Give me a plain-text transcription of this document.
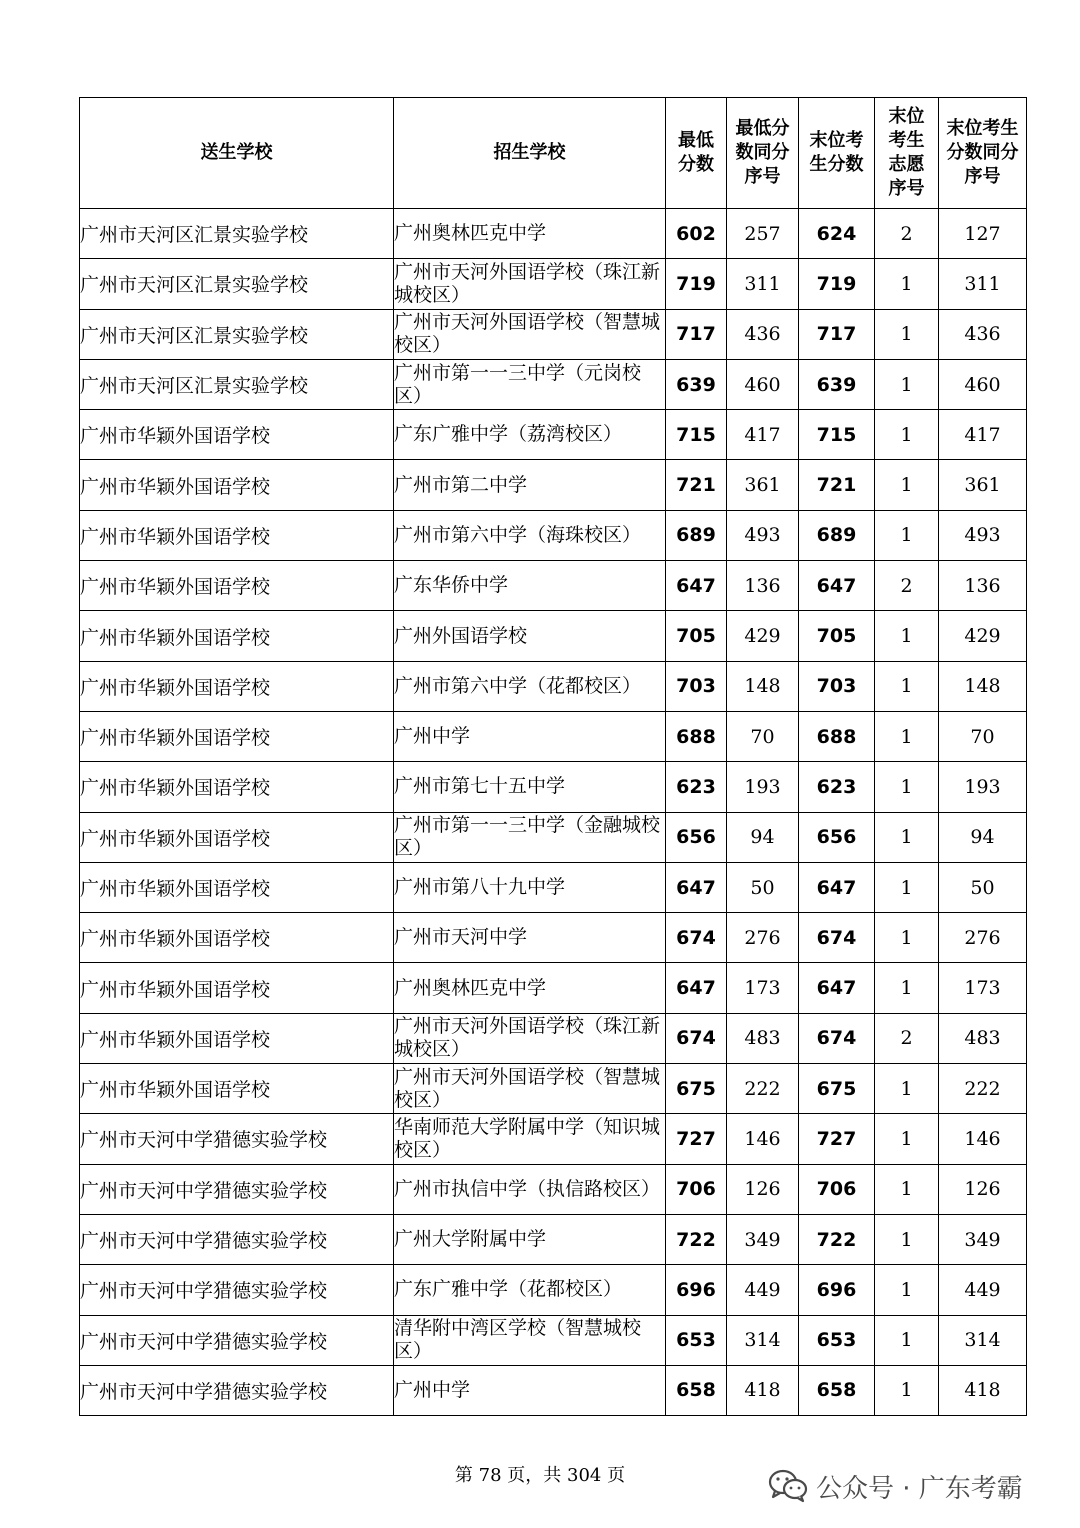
送生学校	招生学校	最低分数	最低分数同分序号	末位考生分数	末位考生志愿序号	末位考生分数同分序号
广州市天河区汇景实验学校	广州奥林匹克中学	602	257	624	2	127
广州市天河区汇景实验学校	广州市天河外国语学校（珠江新城校区）	719	311	719	1	311
广州市天河区汇景实验学校	广州市天河外国语学校（智慧城校区）	717	436	717	1	436
广州市天河区汇景实验学校	广州市第一一三中学（元岗校区）	639	460	639	1	460
广州市华颖外国语学校	广东广雅中学（荔湾校区）	715	417	715	1	417
广州市华颖外国语学校	广州市第二中学	721	361	721	1	361
广州市华颖外国语学校	广州市第六中学（海珠校区）	689	493	689	1	493
广州市华颖外国语学校	广东华侨中学	647	136	647	2	136
广州市华颖外国语学校	广州外国语学校	705	429	705	1	429
广州市华颖外国语学校	广州市第六中学（花都校区）	703	148	703	1	148
广州市华颖外国语学校	广州中学	688	70	688	1	70
广州市华颖外国语学校	广州市第七十五中学	623	193	623	1	193
广州市华颖外国语学校	广州市第一一三中学（金融城校区）	656	94	656	1	94
广州市华颖外国语学校	广州市第八十九中学	647	50	647	1	50
广州市华颖外国语学校	广州市天河中学	674	276	674	1	276
广州市华颖外国语学校	广州奥林匹克中学	647	173	647	1	173
广州市华颖外国语学校	广州市天河外国语学校（珠江新城校区）	674	483	674	2	483
广州市华颖外国语学校	广州市天河外国语学校（智慧城校区）	675	222	675	1	222
广州市天河中学猎德实验学校	华南师范大学附属中学（知识城校区）	727	146	727	1	146
广州市天河中学猎德实验学校	广州市执信中学（执信路校区）	706	126	706	1	126
广州市天河中学猎德实验学校	广州大学附属中学	722	349	722	1	349
广州市天河中学猎德实验学校	广东广雅中学（花都校区）	696	449	696	1	449
广州市天河中学猎德实验学校	清华附中湾区学校（智慧城校区）	653	314	653	1	314
广州市天河中学猎德实验学校	广州中学	658	418	658	1	418
第 78 页，共 304 页	公众号 · 广东考霸
